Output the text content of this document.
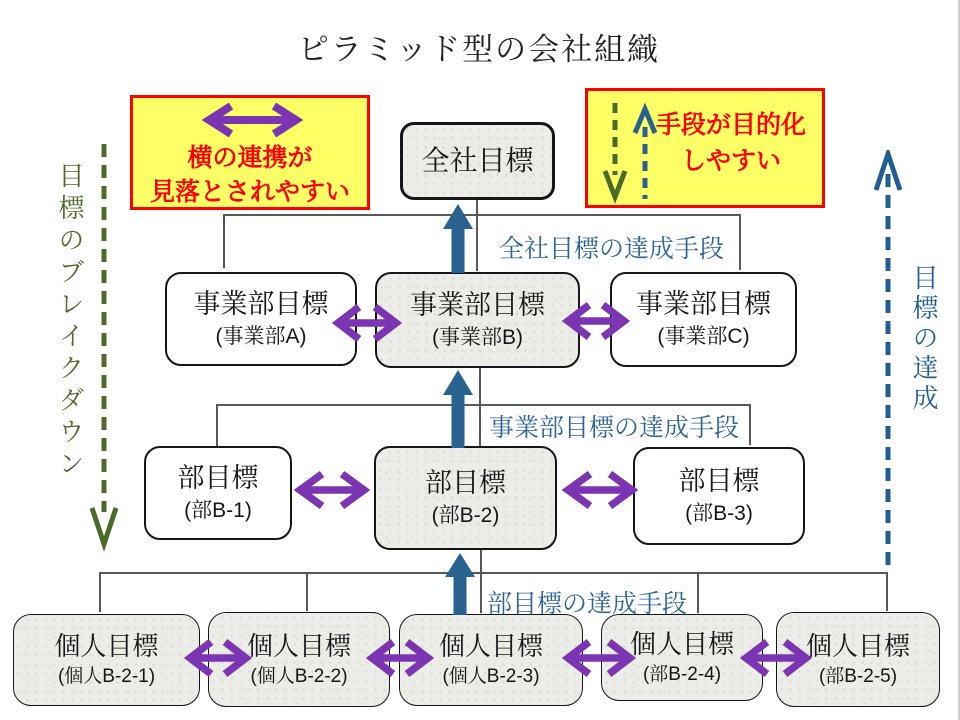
ピラミッド型の会社組織
目標のブレイクダウン	目標の達成
横の連携が
見落とされやすい
手段が目的化
しやすい
全社目標
事業部目標
(事業部A)
事業部目標
(事業部B)
事業部目標
(事業部C)
部目標
(部B-1)
部目標
(部B-2)
部目標
(部B-3)
個人目標
(個人B-2-1)
個人目標
(個人B-2-2)
個人目標
(個人B-2-3)
個人目標
(部B-2-4)
個人目標
(部B-2-5)
全社目標の達成手段
事業部目標の達成手段
部目標の達成手段
